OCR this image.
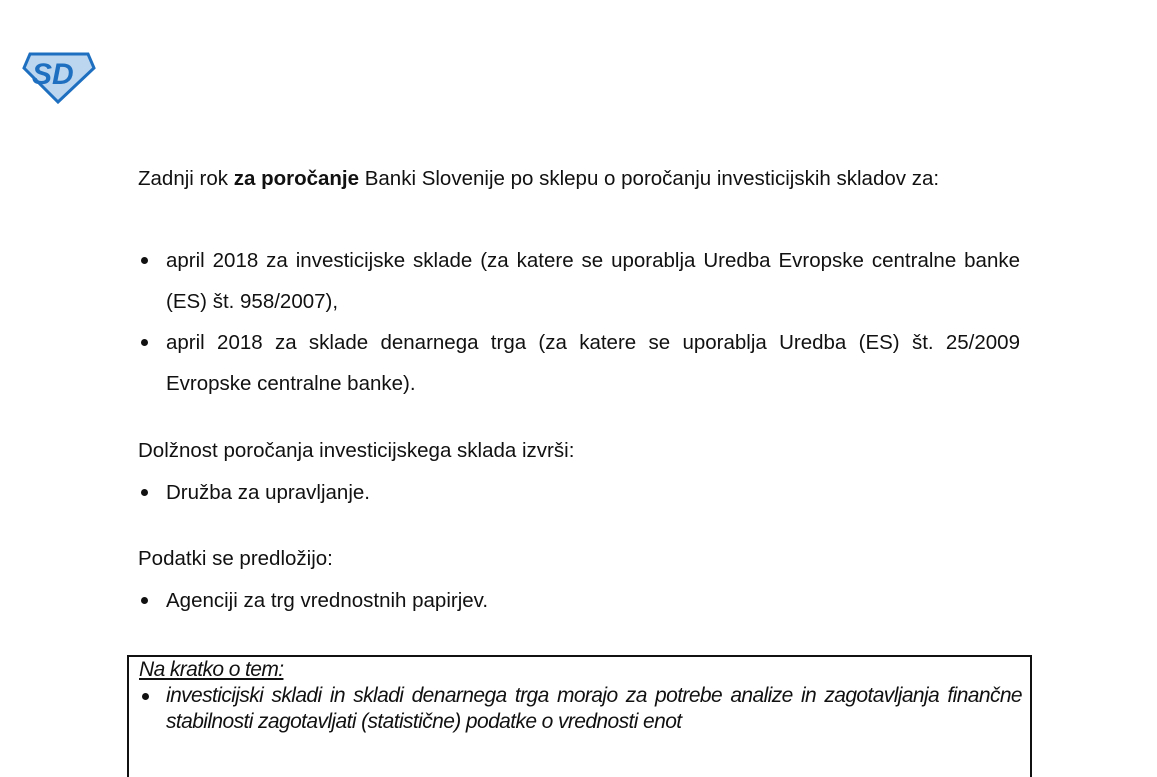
SD
Zadnji rok za poročanje Banki Slovenije po sklepu o poročanju investicijskih skladov za:
april 2018 za investicijske sklade (za katere se uporablja Uredba Evropske centralne banke (ES) št. 958/2007),
april 2018 za sklade denarnega trga (za katere se uporablja Uredba (ES) št. 25/2009 Evropske centralne banke).
Dolžnost poročanja investicijskega sklada izvrši:
Družba za upravljanje.
Podatki se predložijo:
Agenciji za trg vrednostnih papirjev.
Na kratko o tem:
investicijski skladi in skladi denarnega trga morajo za potrebe analize in zagotavljanja finančne stabilnosti zagotavljati (statistične) podatke o vrednosti enot
